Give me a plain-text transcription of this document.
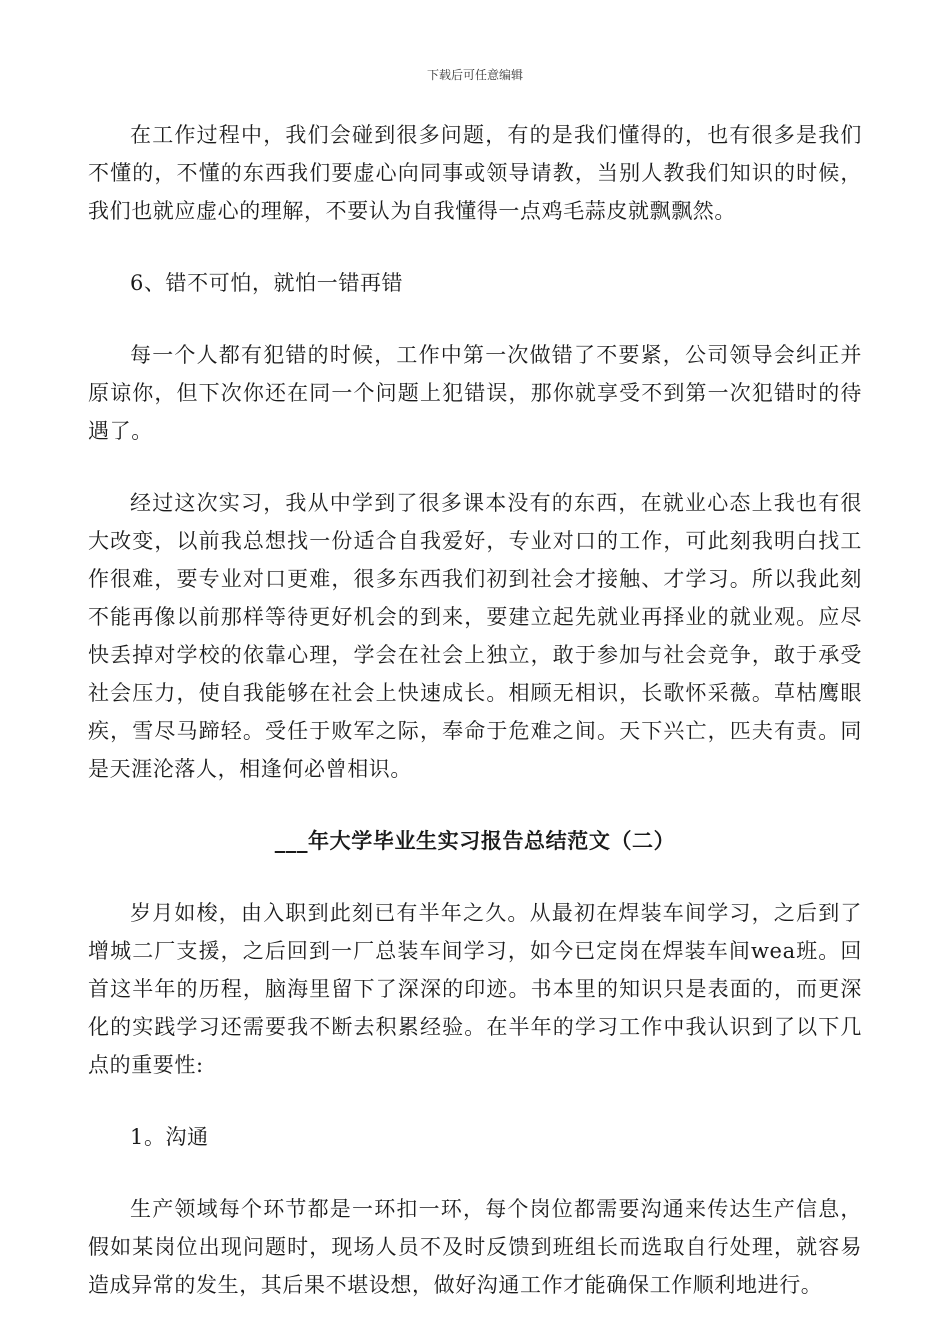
下载后可任意编辑

在工作过程中，我们会碰到很多问题，有的是我们懂得的，也有很多是我们不懂的，不懂的东西我们要虚心向同事或领导请教，当别人教我们知识的时候，我们也就应虚心的理解，不要认为自我懂得一点鸡毛蒜皮就飘飘然。

6、错不可怕，就怕一错再错

每一个人都有犯错的时候，工作中第一次做错了不要紧，公司领导会纠正并原谅你，但下次你还在同一个问题上犯错误，那你就享受不到第一次犯错时的待遇了。

经过这次实习，我从中学到了很多课本没有的东西，在就业心态上我也有很大改变，以前我总想找一份适合自我爱好，专业对口的工作，可此刻我明白找工作很难，要专业对口更难，很多东西我们初到社会才接触、才学习。所以我此刻不能再像以前那样等待更好机会的到来，要建立起先就业再择业的就业观。应尽快丢掉对学校的依靠心理，学会在社会上独立，敢于参加与社会竞争，敢于承受社会压力，使自我能够在社会上快速成长。相顾无相识，长歌怀采薇。草枯鹰眼疾，雪尽马蹄轻。受任于败军之际，奉命于危难之间。天下兴亡，匹夫有责。同是天涯沦落人，相逢何必曾相识。

___年大学毕业生实习报告总结范文（二）

岁月如梭，由入职到此刻已有半年之久。从最初在焊装车间学习，之后到了增城二厂支援，之后回到一厂总装车间学习，如今已定岗在焊装车间wea班。回首这半年的历程，脑海里留下了深深的印迹。书本里的知识只是表面的，而更深化的实践学习还需要我不断去积累经验。在半年的学习工作中我认识到了以下几点的重要性:

1。沟通

生产领域每个环节都是一环扣一环，每个岗位都需要沟通来传达生产信息，假如某岗位出现问题时，现场人员不及时反馈到班组长而选取自行处理，就容易造成异常的发生，其后果不堪设想，做好沟通工作才能确保工作顺利地进行。
